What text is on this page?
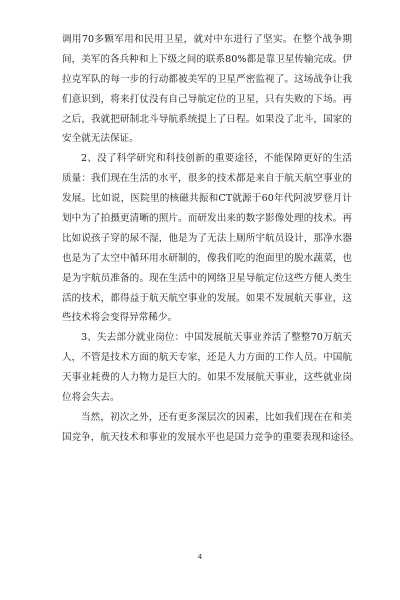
调用70多颗军用和民用卫星，就对中东进行了坚实。在整个战争期
间，美军的各兵种和上下级之间的联系80%都是靠卫星传输完成。伊
拉克军队的每一步的行动都被美军的卫星严密监视了。这场战争让我
们意识到，将来打仗没有自己导航定位的卫星，只有失败的下场。再
之后，我就把研制北斗导航系统提上了日程。如果没了北斗，国家的
安全就无法保证。
2、没了科学研究和科技创新的重要途径，不能保障更好的生活
质量：我们现在生活的水平，很多的技术都是来自于航天航空事业的
发展。比如说，医院里的核磁共振和CT就源于60年代阿波罗登月计
划中为了拍摄更清晰的照片。而研发出来的数字影像处理的技术。再
比如说孩子穿的尿不湿，他是为了无法上厕所宇航员设计，那净水器
也是为了太空中循环用水研制的，像我们吃的泡面里的脱水蔬菜，也
是为宇航员准备的。现在生活中的网络卫星导航定位这些方便人类生
活的技术，都得益于航天航空事业的发展。如果不发展航天事业，这
些技术将会变得异常稀少。
3、失去部分就业岗位：中国发展航天事业养活了整整70万航天
人，不管是技术方面的航天专家，还是人力方面的工作人员。中国航
天事业耗费的人力物力是巨大的。如果不发展航天事业，这些就业岗
位将会失去。
当然，初次之外，还有更多深层次的因素，比如我们现在在和美
国竞争，航天技术和事业的发展水平也是国力竞争的重要表现和途径。
4
